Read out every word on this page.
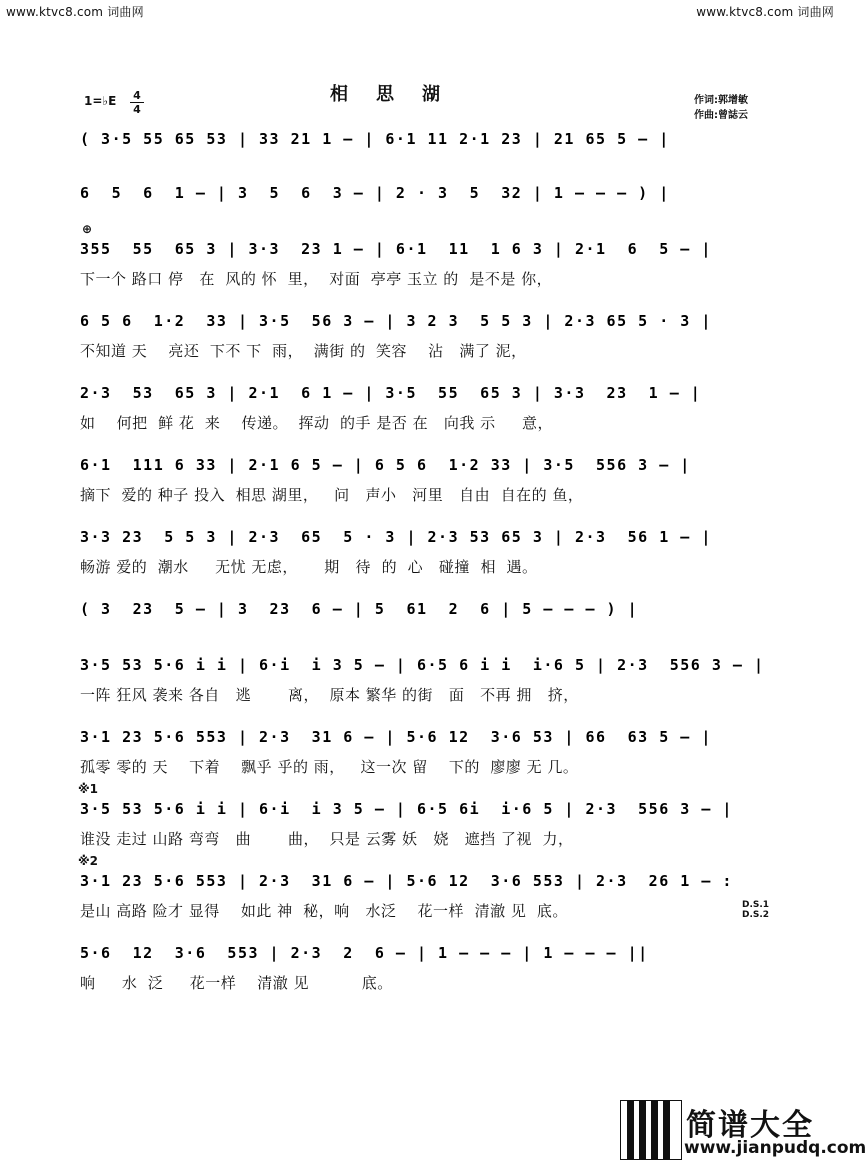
www.ktvc8.com 词曲网	www.ktvc8.com 词曲网
1=♭E 4
4
相思湖	作词:郭增敏
作曲:曾誌云
( 3·5 55 65 53 | 33 21 1 – | 6·1 11 2·1 23 | 21 65 5 – |
6  5  6  1 – | 3  5  6  3 – | 2 · 3  5  32 | 1 – – – ) |
⊕
355  55  65 3 | 3·3  23 1 – | 6·1  11  1 6 3 | 2·1  6  5 – |
下一个 路口 停   在  风的 怀  里，  对面  亭亭 玉立 的  是不是 你，
6 5 6  1·2  33 | 3·5  56 3 – | 3 2 3  5 5 3 | 2·3 65 5 · 3 |
不知道 天    亮还  下不 下  雨，  满街 的  笑容    沾   满了 泥，
2·3  53  65 3 | 2·1  6 1 – | 3·5  55  65 3 | 3·3  23  1 – |
如    何把  鲜 花  来    传递。  挥动  的手 是否 在   向我 示     意，
6·1  111 6 33 | 2·1 6 5 – | 6 5 6  1·2 33 | 3·5  556 3 – |
摘下  爱的 种子 投入  相思 湖里，   问   声小   河里   自由  自在的 鱼，
3·3 23  5 5 3 | 2·3  65  5 · 3 | 2·3 53 65 3 | 2·3  56 1 – |
畅游 爱的  潮水     无忧 无虑，     期   待  的  心   碰撞  相  遇。
( 3  23  5 – | 3  23  6 – | 5  61  2  6 | 5 – – – ) |
3·5 53 5·6 i i | 6·i  i 3 5 – | 6·5 6 i i  i·6 5 | 2·3  556 3 – |
一阵 狂风 袭来 各自   逃       离，  原本 繁华 的街   面   不再 拥   挤，
3·1 23 5·6 553 | 2·3  31 6 – | 5·6 12  3·6 53 | 66  63 5 – |
孤零 零的 天    下着    飘乎 乎的 雨，   这一次 留    下的  廖廖 无 几。
※1
3·5 53 5·6 i i | 6·i  i 3 5 – | 6·5 6i  i·6 5 | 2·3  556 3 – |
谁没 走过 山路 弯弯   曲       曲，  只是 云雾 妖   娆   遮挡 了视  力，
※2
3·1 23 5·6 553 | 2·3  31 6 – | 5·6 12  3·6 553 | 2·3  26 1 – :
是山 高路 险才 显得    如此 神  秘，响   水泛    花一样  清澈 见  底。	D.S.1 D.S.2
5·6  12  3·6  553 | 2·3  2  6 – | 1 – – – | 1 – – – ||
响     水  泛     花一样    清澈 见          底。
简谱大全
www.jianpudq.com
